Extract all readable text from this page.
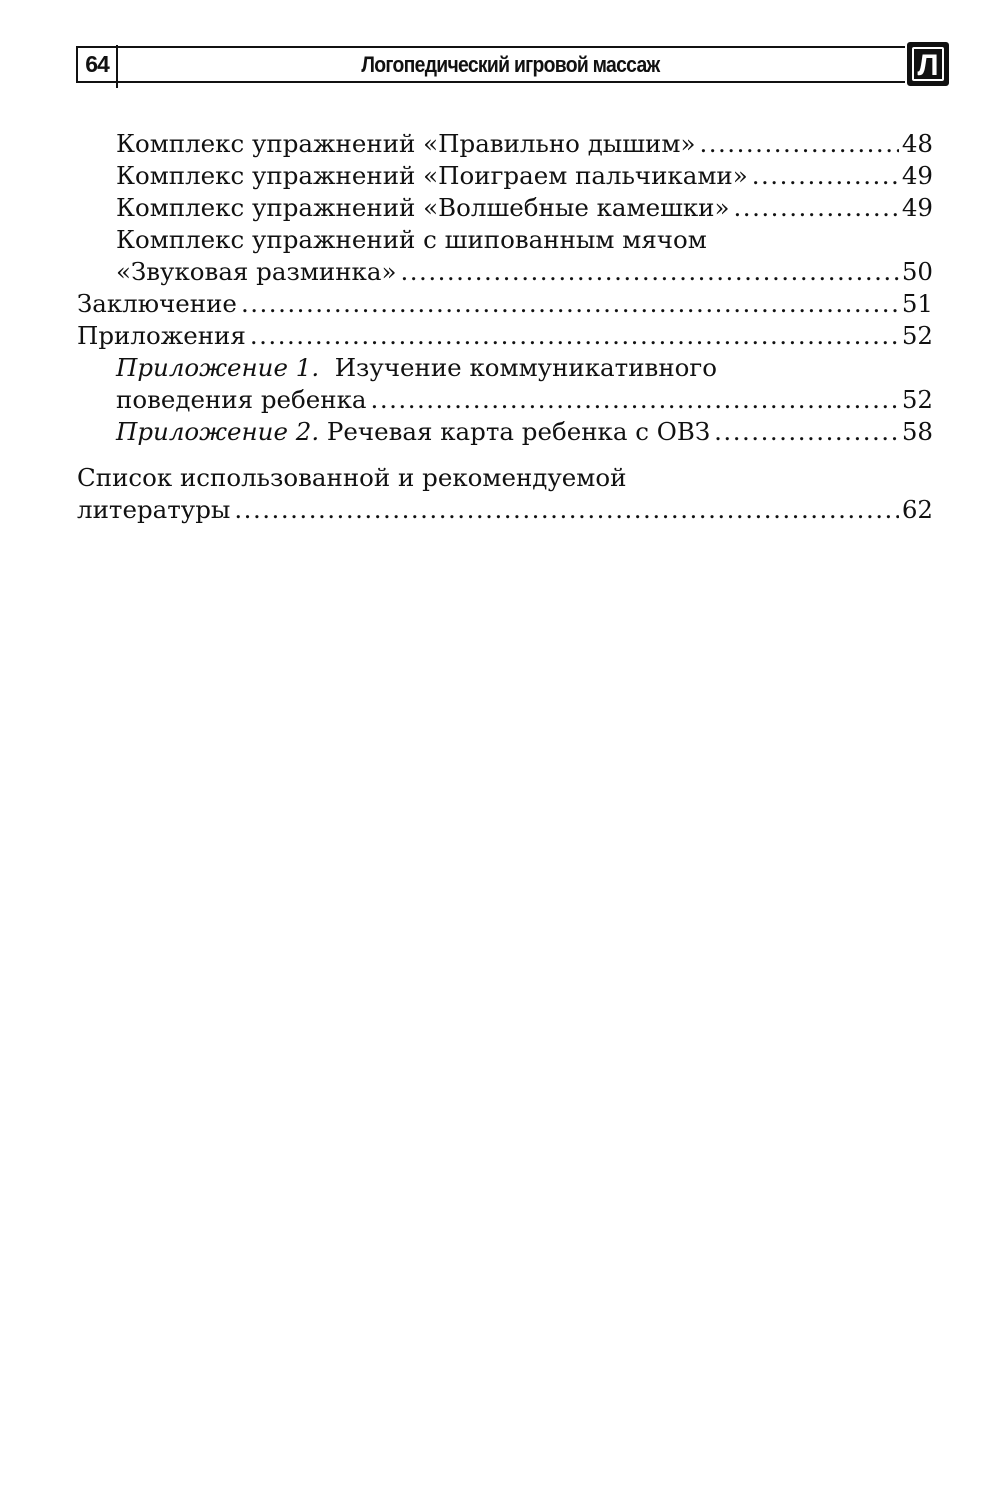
64	Логопедический игровой массаж	Л
Комплекс упражнений «Правильно дышим» .....	48
Комплекс упражнений «Поиграем пальчиками» .....	49
Комплекс упражнений «Волшебные камешки» .....	49
Комплекс упражнений с шипованным мячом
«Звуковая разминка» .....	50
Заключение .....	51
Приложения .....	52
Приложение 1. Изучение коммуникативного
поведения ребенка .....	52
Приложение 2. Речевая карта ребенка с ОВЗ .....	58
Список использованной и рекомендуемой
литературы .....	62
